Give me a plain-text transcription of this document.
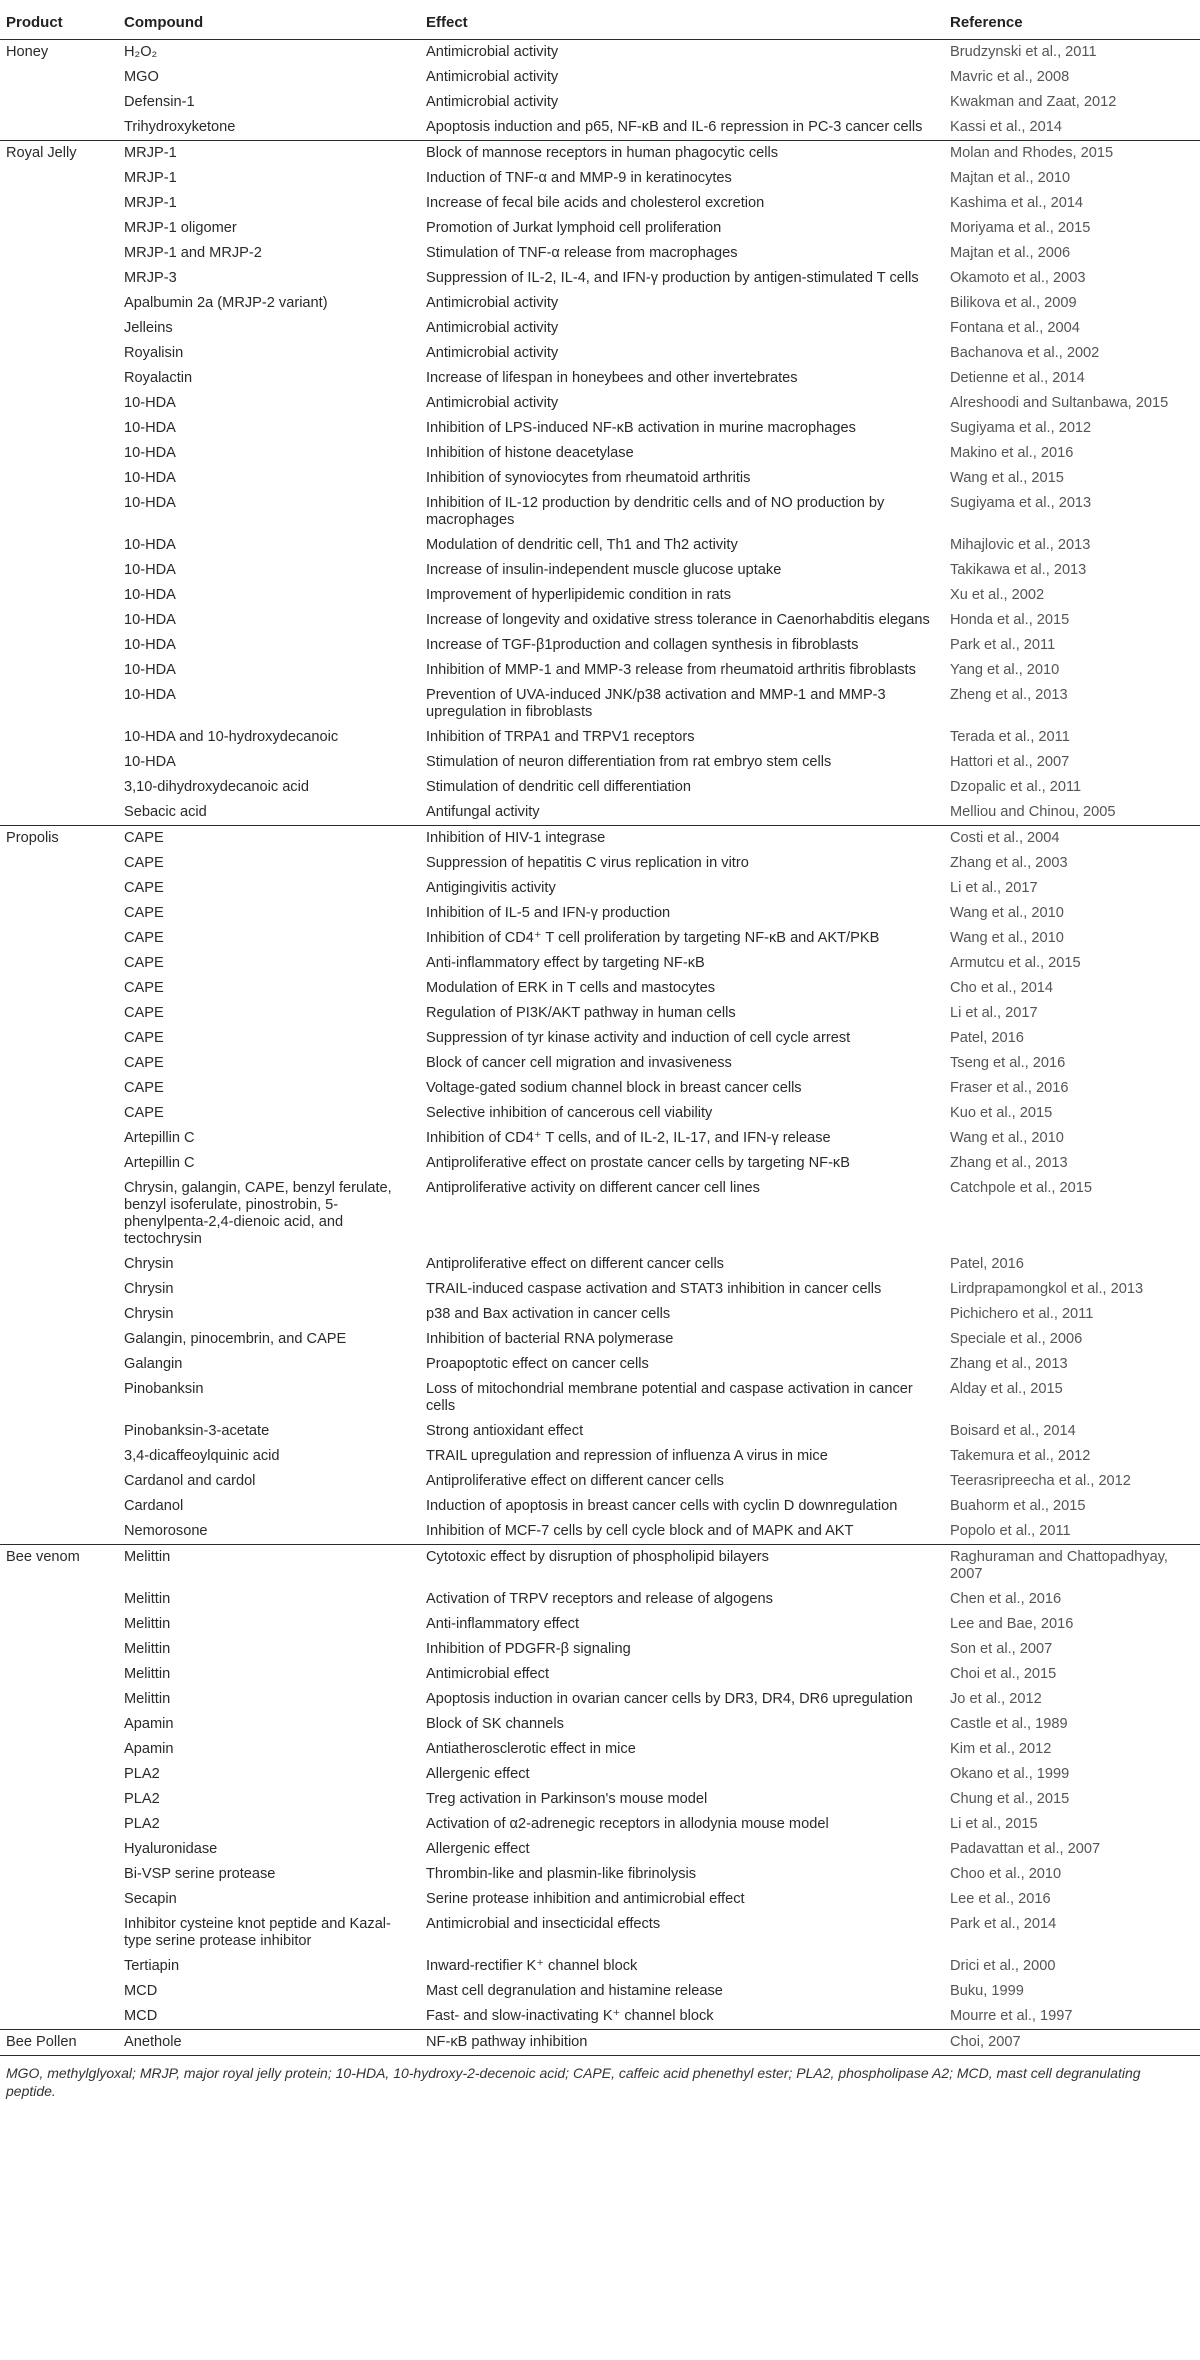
Product	Compound	Effect	Reference
Honey	H₂O₂	Antimicrobial activity	Brudzynski et al., 2011
	MGO	Antimicrobial activity	Mavric et al., 2008
	Defensin-1	Antimicrobial activity	Kwakman and Zaat, 2012
	Trihydroxyketone	Apoptosis induction and p65, NF-κB and IL-6 repression in PC-3 cancer cells	Kassi et al., 2014
Royal Jelly	MRJP-1	Block of mannose receptors in human phagocytic cells	Molan and Rhodes, 2015
	MRJP-1	Induction of TNF-α and MMP-9 in keratinocytes	Majtan et al., 2010
	MRJP-1	Increase of fecal bile acids and cholesterol excretion	Kashima et al., 2014
	MRJP-1 oligomer	Promotion of Jurkat lymphoid cell proliferation	Moriyama et al., 2015
	MRJP-1 and MRJP-2	Stimulation of TNF-α release from macrophages	Majtan et al., 2006
	MRJP-3	Suppression of IL-2, IL-4, and IFN-γ production by antigen-stimulated T cells	Okamoto et al., 2003
	Apalbumin 2a (MRJP-2 variant)	Antimicrobial activity	Bilikova et al., 2009
	Jelleins	Antimicrobial activity	Fontana et al., 2004
	Royalisin	Antimicrobial activity	Bachanova et al., 2002
	Royalactin	Increase of lifespan in honeybees and other invertebrates	Detienne et al., 2014
	10-HDA	Antimicrobial activity	Alreshoodi and Sultanbawa, 2015
	10-HDA	Inhibition of LPS-induced NF-κB activation in murine macrophages	Sugiyama et al., 2012
	10-HDA	Inhibition of histone deacetylase	Makino et al., 2016
	10-HDA	Inhibition of synoviocytes from rheumatoid arthritis	Wang et al., 2015
	10-HDA	Inhibition of IL-12 production by dendritic cells and of NO production by macrophages	Sugiyama et al., 2013
	10-HDA	Modulation of dendritic cell, Th1 and Th2 activity	Mihajlovic et al., 2013
	10-HDA	Increase of insulin-independent muscle glucose uptake	Takikawa et al., 2013
	10-HDA	Improvement of hyperlipidemic condition in rats	Xu et al., 2002
	10-HDA	Increase of longevity and oxidative stress tolerance in Caenorhabditis elegans	Honda et al., 2015
	10-HDA	Increase of TGF-β1production and collagen synthesis in fibroblasts	Park et al., 2011
	10-HDA	Inhibition of MMP-1 and MMP-3 release from rheumatoid arthritis fibroblasts	Yang et al., 2010
	10-HDA	Prevention of UVA-induced JNK/p38 activation and MMP-1 and MMP-3 upregulation in fibroblasts	Zheng et al., 2013
	10-HDA and 10-hydroxydecanoic	Inhibition of TRPA1 and TRPV1 receptors	Terada et al., 2011
	10-HDA	Stimulation of neuron differentiation from rat embryo stem cells	Hattori et al., 2007
	3,10-dihydroxydecanoic acid	Stimulation of dendritic cell differentiation	Dzopalic et al., 2011
	Sebacic acid	Antifungal activity	Melliou and Chinou, 2005
Propolis	CAPE	Inhibition of HIV-1 integrase	Costi et al., 2004
	CAPE	Suppression of hepatitis C virus replication in vitro	Zhang et al., 2003
	CAPE	Antigingivitis activity	Li et al., 2017
	CAPE	Inhibition of IL-5 and IFN-γ production	Wang et al., 2010
	CAPE	Inhibition of CD4⁺ T cell proliferation by targeting NF-κB and AKT/PKB	Wang et al., 2010
	CAPE	Anti-inflammatory effect by targeting NF-κB	Armutcu et al., 2015
	CAPE	Modulation of ERK in T cells and mastocytes	Cho et al., 2014
	CAPE	Regulation of PI3K/AKT pathway in human cells	Li et al., 2017
	CAPE	Suppression of tyr kinase activity and induction of cell cycle arrest	Patel, 2016
	CAPE	Block of cancer cell migration and invasiveness	Tseng et al., 2016
	CAPE	Voltage-gated sodium channel block in breast cancer cells	Fraser et al., 2016
	CAPE	Selective inhibition of cancerous cell viability	Kuo et al., 2015
	Artepillin C	Inhibition of CD4⁺ T cells, and of IL-2, IL-17, and IFN-γ release	Wang et al., 2010
	Artepillin C	Antiproliferative effect on prostate cancer cells by targeting NF-κB	Zhang et al., 2013
	Chrysin, galangin, CAPE, benzyl ferulate, benzyl isoferulate, pinostrobin, 5-phenylpenta-2,4-dienoic acid, and tectochrysin	Antiproliferative activity on different cancer cell lines	Catchpole et al., 2015
	Chrysin	Antiproliferative effect on different cancer cells	Patel, 2016
	Chrysin	TRAIL-induced caspase activation and STAT3 inhibition in cancer cells	Lirdprapamongkol et al., 2013
	Chrysin	p38 and Bax activation in cancer cells	Pichichero et al., 2011
	Galangin, pinocembrin, and CAPE	Inhibition of bacterial RNA polymerase	Speciale et al., 2006
	Galangin	Proapoptotic effect on cancer cells	Zhang et al., 2013
	Pinobanksin	Loss of mitochondrial membrane potential and caspase activation in cancer cells	Alday et al., 2015
	Pinobanksin-3-acetate	Strong antioxidant effect	Boisard et al., 2014
	3,4-dicaffeoylquinic acid	TRAIL upregulation and repression of influenza A virus in mice	Takemura et al., 2012
	Cardanol and cardol	Antiproliferative effect on different cancer cells	Teerasripreecha et al., 2012
	Cardanol	Induction of apoptosis in breast cancer cells with cyclin D downregulation	Buahorm et al., 2015
	Nemorosone	Inhibition of MCF-7 cells by cell cycle block and of MAPK and AKT	Popolo et al., 2011
Bee venom	Melittin	Cytotoxic effect by disruption of phospholipid bilayers	Raghuraman and Chattopadhyay, 2007
	Melittin	Activation of TRPV receptors and release of algogens	Chen et al., 2016
	Melittin	Anti-inflammatory effect	Lee and Bae, 2016
	Melittin	Inhibition of PDGFR-β signaling	Son et al., 2007
	Melittin	Antimicrobial effect	Choi et al., 2015
	Melittin	Apoptosis induction in ovarian cancer cells by DR3, DR4, DR6 upregulation	Jo et al., 2012
	Apamin	Block of SK channels	Castle et al., 1989
	Apamin	Antiatherosclerotic effect in mice	Kim et al., 2012
	PLA2	Allergenic effect	Okano et al., 1999
	PLA2	Treg activation in Parkinson's mouse model	Chung et al., 2015
	PLA2	Activation of α2-adrenegic receptors in allodynia mouse model	Li et al., 2015
	Hyaluronidase	Allergenic effect	Padavattan et al., 2007
	Bi-VSP serine protease	Thrombin-like and plasmin-like fibrinolysis	Choo et al., 2010
	Secapin	Serine protease inhibition and antimicrobial effect	Lee et al., 2016
	Inhibitor cysteine knot peptide and Kazal-type serine protease inhibitor	Antimicrobial and insecticidal effects	Park et al., 2014
	Tertiapin	Inward-rectifier K⁺ channel block	Drici et al., 2000
	MCD	Mast cell degranulation and histamine release	Buku, 1999
	MCD	Fast- and slow-inactivating K⁺ channel block	Mourre et al., 1997
Bee Pollen	Anethole	NF-κB pathway inhibition	Choi, 2007
MGO, methylglyoxal; MRJP, major royal jelly protein; 10-HDA, 10-hydroxy-2-decenoic acid; CAPE, caffeic acid phenethyl ester; PLA2, phospholipase A2; MCD, mast cell degranulating peptide.
